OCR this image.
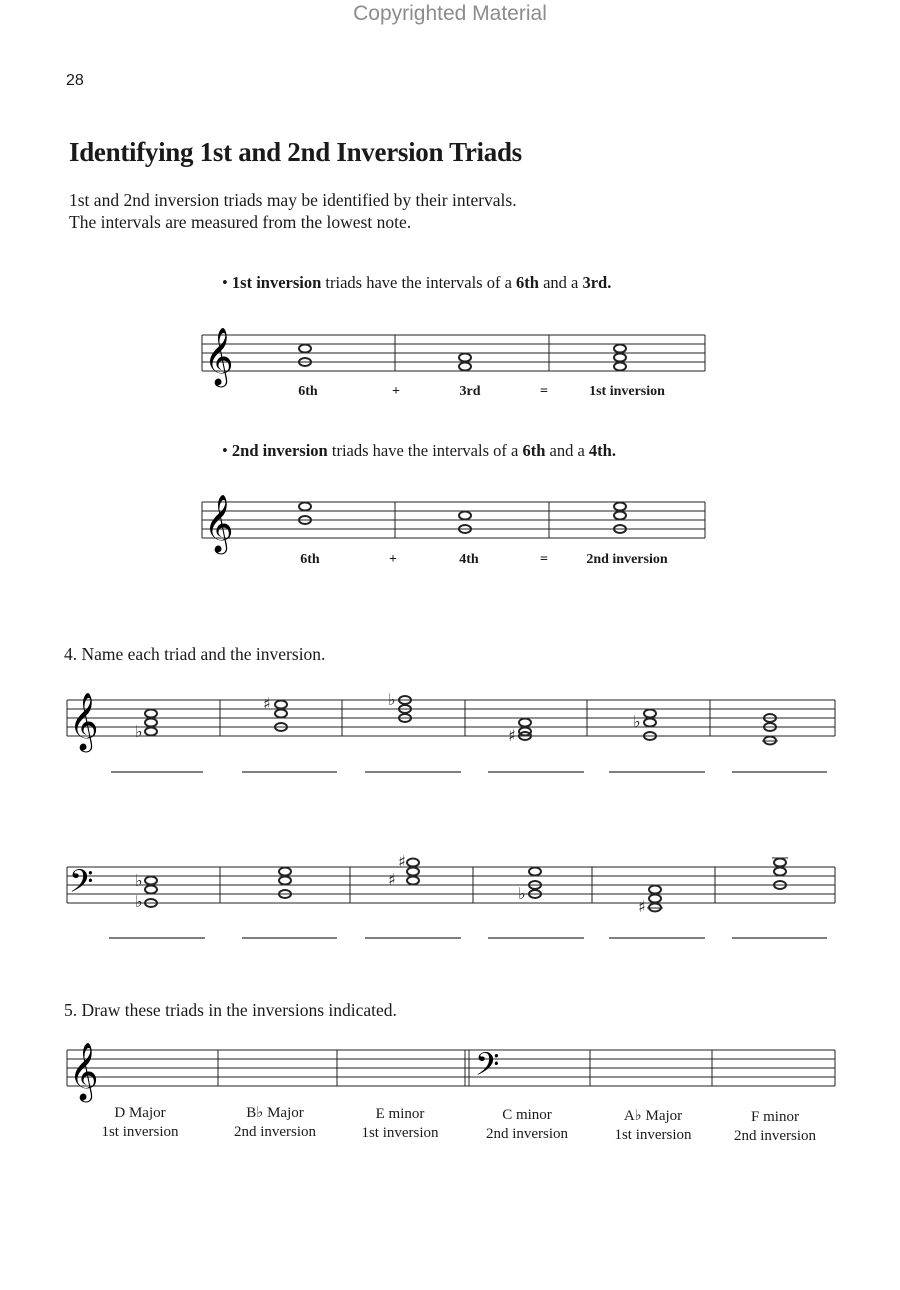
Copyrighted Material
28
Identifying 1st and 2nd Inversion Triads
1st and 2nd inversion triads may be identified by their intervals.
The intervals are measured from the lowest note.
• 1st inversion triads have the intervals of a 6th and a 3rd.
𝄞
6th	+	3rd	=	1st inversion
• 2nd inversion triads have the intervals of a 6th and a 4th.
𝄞
6th	+	4th	=	2nd inversion
4. Name each triad and the inversion.
𝄞 ♭
♯	♭
♯
♭
𝄢	♭
♭
♯
♯
♭
♯
5. Draw these triads in the inversions indicated.
𝄞	𝄢
D Major
1st inversion
B♭ Major
2nd inversion
E minor
1st inversion
C minor
2nd inversion
A♭ Major
1st inversion
F minor
2nd inversion
